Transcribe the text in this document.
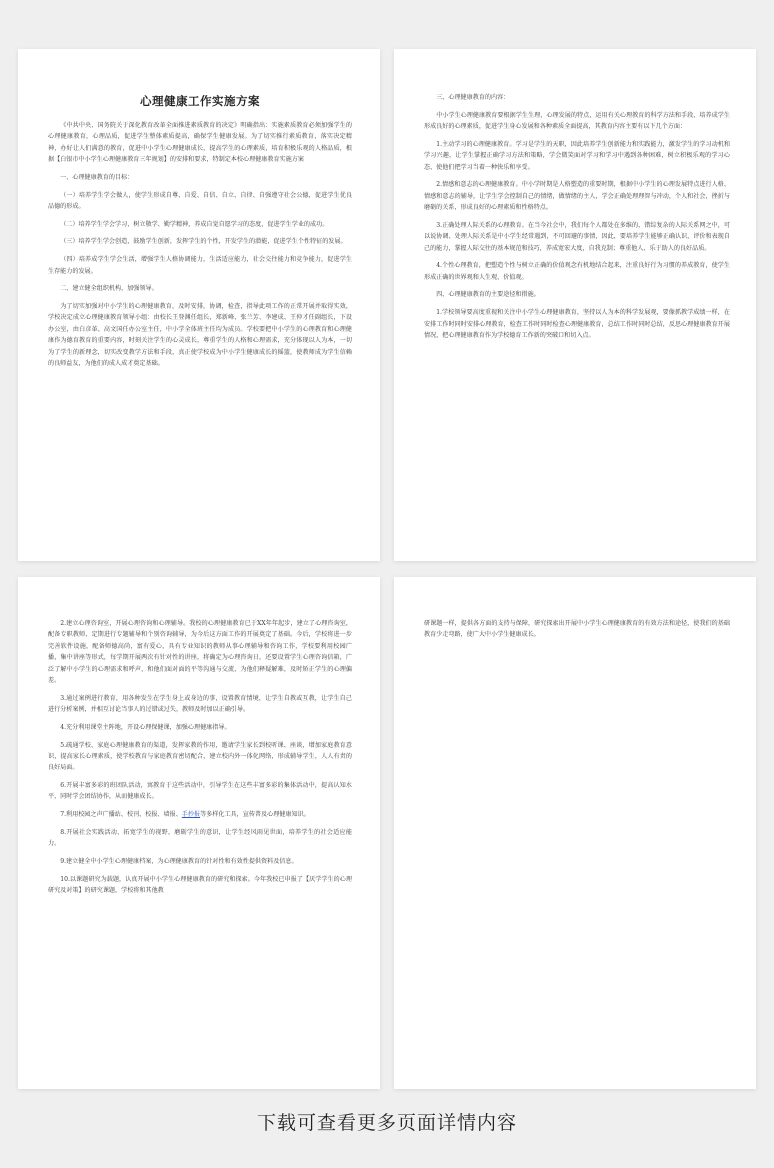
心理健康工作实施方案

《中共中央、国务院关于深化教育改革全面推进素质教育的决定》明确指出：实施素质教育必须加强学生的心理健康教育，心理品质，促进学生整体素质提高，确保学生健康发展。为了切实推行素质教育，落实决定精神，办好让人们满意的教育，促进中小学生心理健康成长，提高学生的心理素质，培育积极乐观的人格品质，根据【白银市中小学生心理健康教育三年规划】的安排和要求，特制定本校心理健康教育实施方案

一、心理健康教育的目标：

（一）培养学生学会做人，使学生形成自尊、自爱、自信、自立、自律、自强遵守社会公德，促进学生优良品德的形成。

（二）培养学生学会学习，树立敬学、勤学精神，养成自觉自愿学习的态度，促进学生学业的成功。

（三）培养学生学会创造，鼓励学生创新，发挥学生的个性，开发学生的潜能，促进学生个性特征的发展。

（四）培养成学生学会生活，增强学生人格协调能力，生活适应能力，社会交往能力和竞争能力，促进学生生存能力的发展。

二、建立健全组织机构，加强领导。

为了切实加强对中小学生的心理健康教育，及时安排，协调，检查，指导此项工作的正常开展并取得实效，学校决定成立心理健康教育领导小组：由校长王登渊任组长，郑新峰、张兰芳、李建成、王仲才任副组长，下设办公室，由白彦革、高文国任办公室主任，中小学全体班主任均为成员。学校要把中小学生的心理教育和心理健康作为德育教育的重要内容，时刻关注学生的心灵成长，尊重学生的人格和心理需求，充分体现以人为本，一切为了学生的新理念，切实改变教学方法和手段，真正使学校成为中小学生健康成长的摇篮，使教师成为学生信赖的良师益友，为他们的成人成才奠定基础。

三、心理健康教育的内容：

中小学生心理健康教育要根据学生生理、心理发展的特点，运用有关心理教育的科学方法和手段，培养成学生形成良好的心理素质，促进学生身心发展和各种素质全面提高，其教育内容主要有以下几个方面：

1.主动学习的心理健康教育。学习是学生的天职，因此培养学生创新能力和实践能力，激发学生的学习动机和学习兴趣，让学生掌握正确学习方法和策略，学会微笑面对学习和学习中遇到各种困难，树立积极乐观的学习心态，使他们把学习当着一种快乐和享受。

2.情感和意志的心理健康教育。中小学时期是人格塑造的重要时期，根据中小学生的心理发展特点进行人格、情感和意志的辅导，让学生学会控制自己的情绪，做情绪的主人，学会正确处理理智与冲动，个人和社会，挫折与磨砺的关系，形成良好的心理素质和性格特点。

3.正确处理人际关系的心理教育。在当今社会中，我们每个人都处在多维的、错综复杂的人际关系网之中，可以说协调、处理人际关系是中小学生经常遇到，不可回避的事情，因此，要培养学生能够正确认识，评价和表现自己的能力，掌握人际交往的基本规范和技巧，养成宽宏大度，自我克制；尊重他人、乐于助人的良好品质。

4.个性心理教育，把塑造个性与树立正确的价值观念有机地结合起来，注重良好行为习惯的养成教育，使学生形成正确的世界观和人生观，价值观。

四、心理健康教育的主要途径和措施。

1.学校领导要高度重视和关注中小学生心理健康教育，坚持以人为本的科学发展观，要像抓教学成绩一样，在安排工作时同时安排心理教育，检查工作时同时检查心理健康教育，总结工作时同时总结，反思心理健康教育开展情况，把心理健康教育作为学校德育工作新的突破口和切入点。

2.建立心理咨询室，开展心理咨询和心理辅导。我校的心理健康教育已于XX年年起步，建立了心理咨询室，配备专职教师，定期进行专题辅导和个别咨询辅导，为今后这方面工作的开展奠定了基础。今后，学校将进一步完善软件设施，配备师德高尚，富有爱心，具有专业知识的教师从事心理辅导和咨询工作，学校要利用校园广播，集中讲座等形式，每学期开展两次有针对性的讲座，将确定为心理咨询日，还要设置学生心理咨询信箱，广泛了解中小学生的心理需求和呼声，和他们面对面的平等沟通与交流，为他们释疑解难，及时矫正学生的心理偏差。

3.通过案例进行教育，用各种发生在学生身上或身边的事，设置教育情境，让学生自教或互教，让学生自己进行分析案例，并相互讨论当事人的过错或过失，教师及时加以正确引导。

4.充分利用课堂主阵地，开设心理保健课，加强心理健康指导。

5.疏通学校、家庭心理健康教育的渠道，发挥家教的作用，邀请学生家长到校听课、座谈，增加家庭教育意识，提高家长心理素质，使学校教育与家庭教育密切配合，建立校内外一体化网络，形成辅导学生，人人有责的良好局面。

6.开展丰富多彩的班团队活动，寓教育于这些活动中，引导学生在这些丰富多彩的集体活动中，提高认知水平，同时学会团结协作，从而健康成长。

7.利用校园之声广播站、校刊、校报、墙报、手抄报等多样化工具，宣传普及心理健康知识。

8.开展社会实践活动，拓宽学生的视野，磨砺学生的意识，让学生经风雨见世面，培养学生的社会适应能力。

9.建立健全中小学生心理健康档案，为心理健康教育的针对性和有效性提供资料及信息。

10.以课题研究为载题，认真开展中小学生心理健康教育的研究和探索。今年我校已申报了【厌学学生的心理研究及对策】的研究课题，学校将和其他教

研课题一样，提供各方面的支持与保障，研究探索出开展中小学生心理健康教育的有效方法和途径，使我们的基础教育少走弯路，使广大中小学生健康成长。

下载可查看更多页面详情内容
